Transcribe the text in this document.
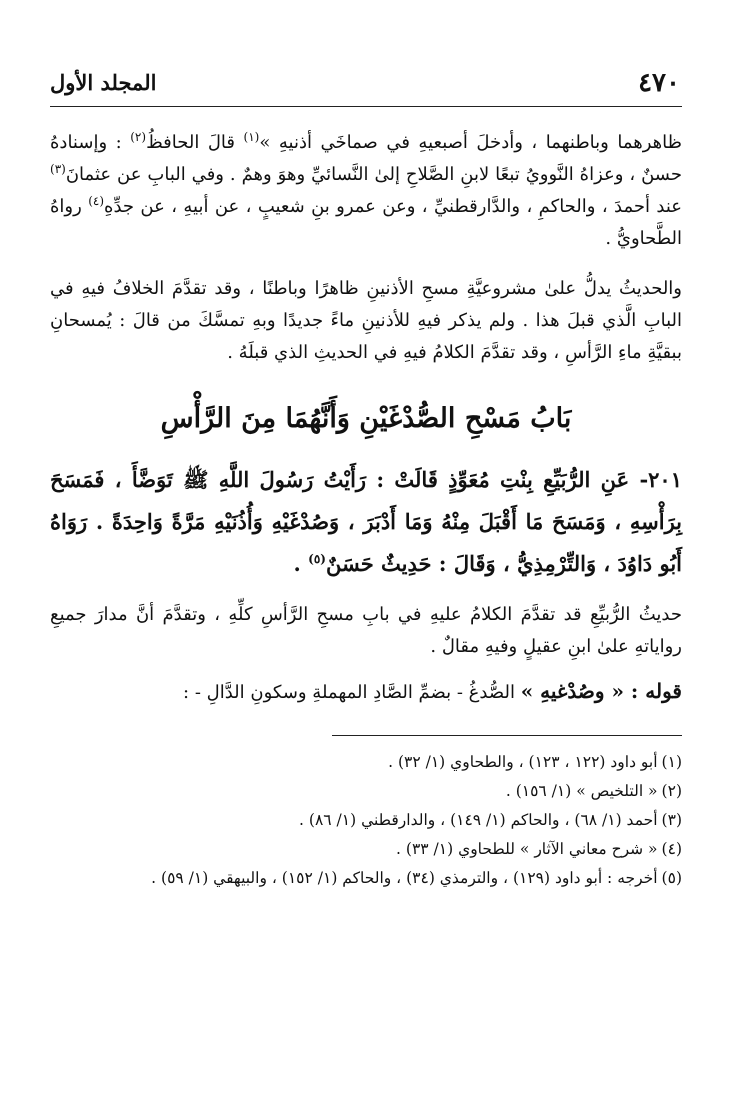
٤٧٠
المجلد الأول

ظاهرهما وباطنهما ، وأدخلَ أصبعيهِ في صماخَي أذنيهِ »$^{(١)}$ قالَ الحافظُ$^{(٢)}$ : وإسنادهُ حسنٌ ، وعزاهُ النَّوويُ تبعًا لابنِ الصَّلاحِ إلىٰ النَّسائيِّ وهوَ وهمٌ . وفي البابِ عن عثمانَ$^{(٣)}$ عند أحمدَ ، والحاكمِ ، والدَّارقطنيِّ ، وعن عمرو بنِ شعيبٍ ، عن أبيهِ ، عن جدِّهِ$^{(٤)}$ رواهُ الطَّحاويُّ .

والحديثُ يدلُّ علىٰ مشروعيَّةِ مسحِ الأذنينِ ظاهرًا وباطنًا ، وقد تقدَّمَ الخلافُ فيهِ في البابِ الَّذي قبلَ هذا . ولم يذكر فيهِ للأذنينِ ماءً جديدًا وبهِ تمسَّكَ من قالَ : يُمسحانِ ببقيَّةِ ماءِ الرَّأسِ ، وقد تقدَّمَ الكلامُ فيهِ في الحديثِ الذي قبلَهُ .

بَابُ مَسْحِ الصُّدْغَيْنِ وَأَنَّهُمَا مِنَ الرَّأْسِ

٢٠١- عَنِ الرُّبَيِّعِ بِنْتِ مُعَوِّذٍ قَالَتْ : رَأَيْتُ رَسُولَ اللَّهِ ﷺ تَوَضَّأَ ، فَمَسَحَ بِرَأْسِهِ ، وَمَسَحَ مَا أَقْبَلَ مِنْهُ وَمَا أَدْبَرَ ، وَصُدْغَيْهِ وَأُذُنَيْهِ مَرَّةً وَاحِدَةً . رَوَاهُ أَبُو دَاوُدَ ، وَالتِّرْمِذِيُّ ، وَقَالَ : حَدِيثٌ حَسَنٌ$^{(٥)}$ .

حديثُ الرُّبيِّعِ قد تقدَّمَ الكلامُ عليهِ في بابِ مسحِ الرَّأسِ كلِّهِ ، وتقدَّمَ أنَّ مدارَ جميعِ رواياتهِ علىٰ ابنِ عقيلٍ وفيهِ مقالٌ .

قوله : « وصُدْغيهِ » الصُّدغُ - بضمِّ الصَّادِ المهملةِ وسكونِ الدَّالِ - :

(١)أبو داود (١٢٢ ، ١٢٣) ، والطحاوي (١/ ٣٢) .
(٢)« التلخيص » (١/ ١٥٦) .
(٣)أحمد (١/ ٦٨) ، والحاكم (١/ ١٤٩) ، والدارقطني (١/ ٨٦) .
(٤)« شرح معاني الآثار » للطحاوي (١/ ٣٣) .
(٥)أخرجه : أبو داود (١٢٩) ، والترمذي (٣٤) ، والحاكم (١/ ١٥٢) ، والبيهقي (١/ ٥٩) .
